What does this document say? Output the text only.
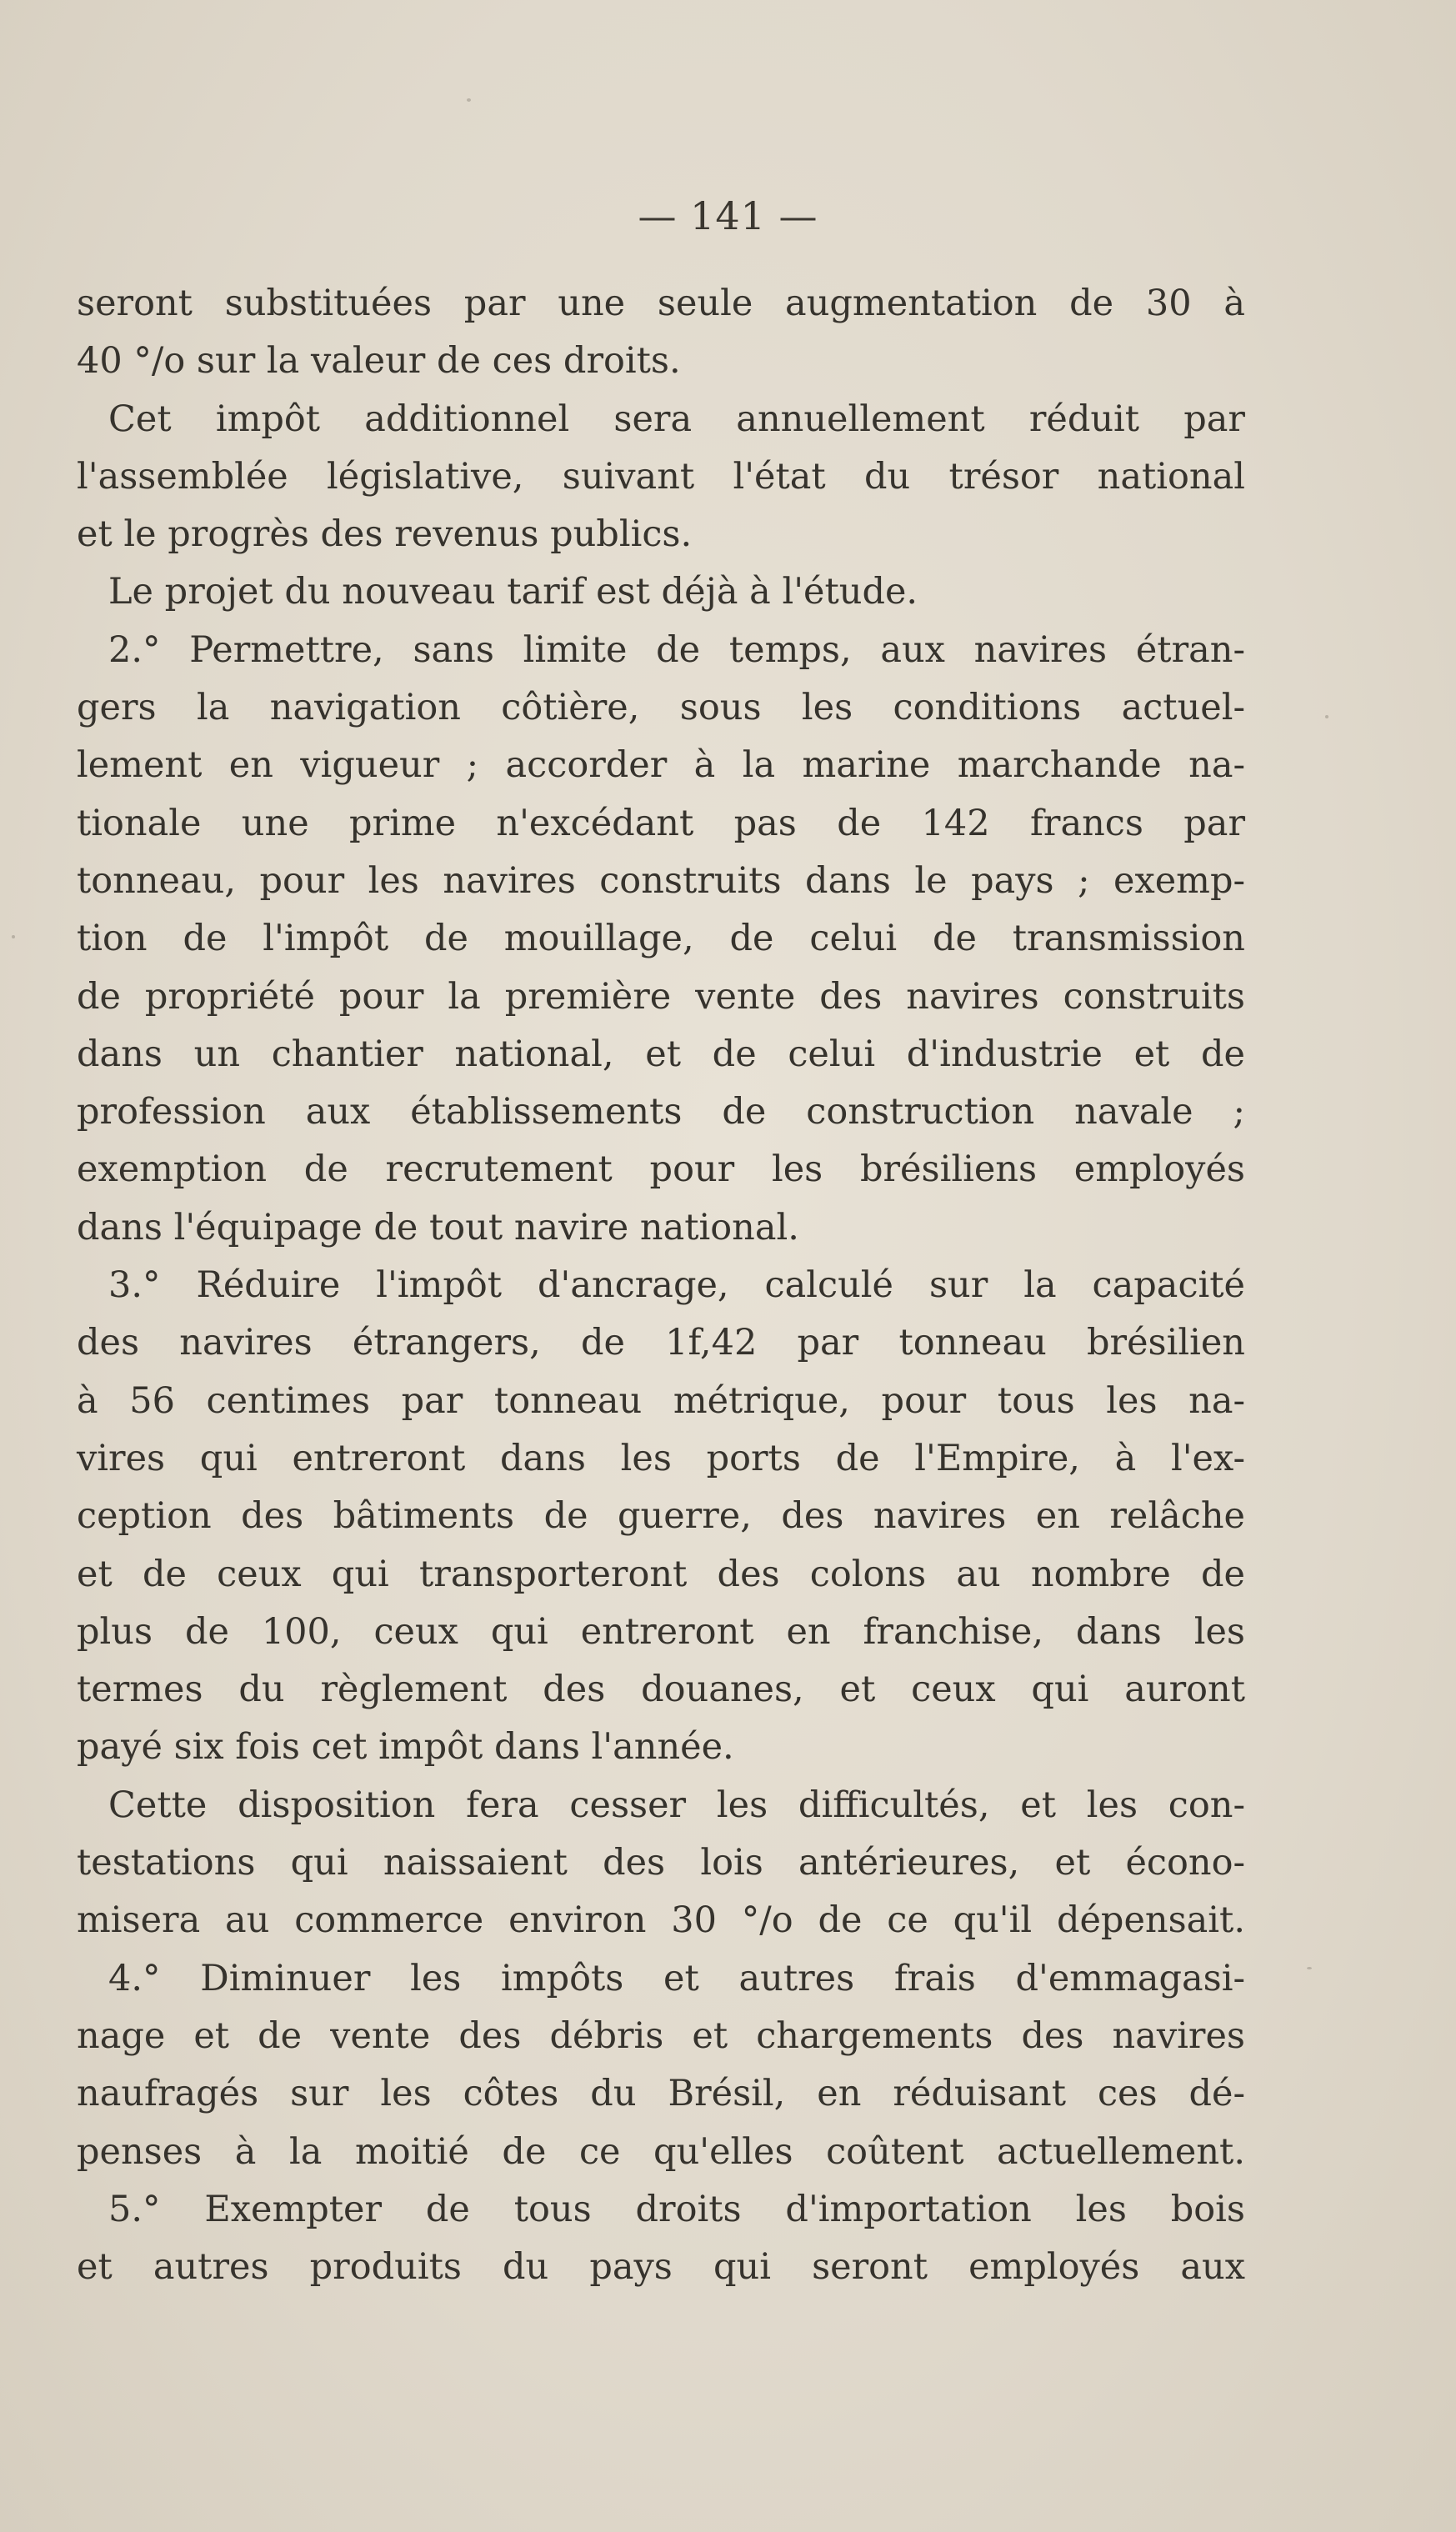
— 141 —
seront substituées par une seule augmentation de 30 à
40 °/o sur la valeur de ces droits.
Cet impôt additionnel sera annuellement réduit par
l'assemblée législative, suivant l'état du trésor national
et le progrès des revenus publics.
Le projet du nouveau tarif est déjà à l'étude.
2.° Permettre, sans limite de temps, aux navires étran-
gers la navigation côtière, sous les conditions actuel-
lement en vigueur ; accorder à la marine marchande na-
tionale une prime n'excédant pas de 142 francs par
tonneau, pour les navires construits dans le pays ; exemp-
tion de l'impôt de mouillage, de celui de transmission
de propriété pour la première vente des navires construits
dans un chantier national, et de celui d'industrie et de
profession aux établissements de construction navale ;
exemption de recrutement pour les brésiliens employés
dans l'équipage de tout navire national.
3.° Réduire l'impôt d'ancrage, calculé sur la capacité
des navires étrangers, de 1f,42 par tonneau brésilien
à 56 centimes par tonneau métrique, pour tous les na-
vires qui entreront dans les ports de l'Empire, à l'ex-
ception des bâtiments de guerre, des navires en relâche
et de ceux qui transporteront des colons au nombre de
plus de 100, ceux qui entreront en franchise, dans les
termes du règlement des douanes, et ceux qui auront
payé six fois cet impôt dans l'année.
Cette disposition fera cesser les difficultés, et les con-
testations qui naissaient des lois antérieures, et écono-
misera au commerce environ 30 °/o de ce qu'il dépensait.
4.° Diminuer les impôts et autres frais d'emmagasi-
nage et de vente des débris et chargements des navires
naufragés sur les côtes du Brésil, en réduisant ces dé-
penses à la moitié de ce qu'elles coûtent actuellement.
5.° Exempter de tous droits d'importation les bois
et autres produits du pays qui seront employés aux
